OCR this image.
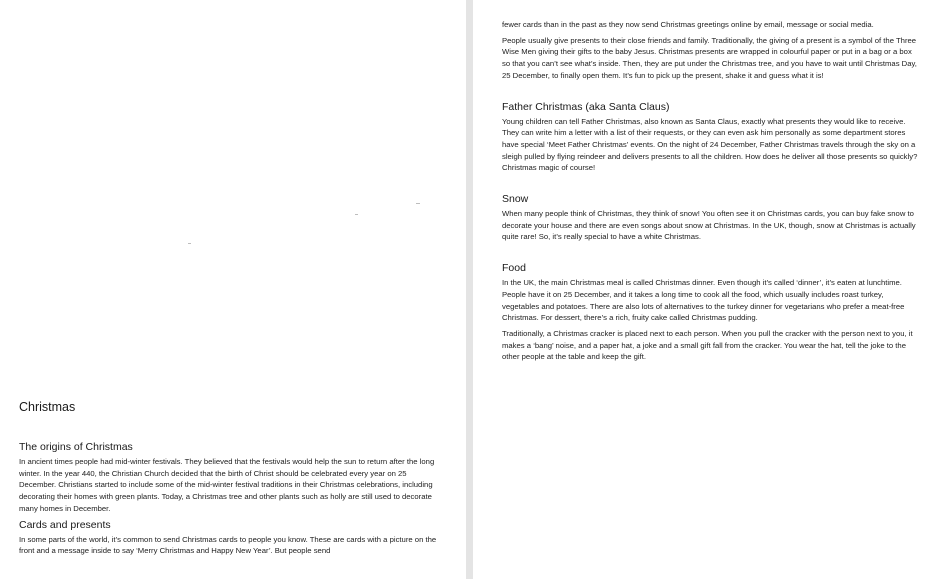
Christmas
The origins of Christmas

In ancient times people had mid-winter festivals. They believed that the festivals would help the sun to return after the long winter. In the year 440, the Christian Church decided that the birth of Christ should be celebrated every year on 25 December. Christians started to include some of the mid-winter festival traditions in their Christmas celebrations, including decorating their homes with green plants. Today, a Christmas tree and other plants such as holly are still used to decorate many homes in December.

Cards and presents

In some parts of the world, it’s common to send Christmas cards to people you know. These are cards with a picture on the front and a message inside to say ‘Merry Christmas and Happy New Year’. But people send

fewer cards than in the past as they now send Christmas greetings online by email, message or social media.

People usually give presents to their close friends and family. Traditionally, the giving of a present is a symbol of the Three Wise Men giving their gifts to the baby Jesus. Christmas presents are wrapped in colourful paper or put in a bag or a box so that you can’t see what’s inside. Then, they are put under the Christmas tree, and you have to wait until Christmas Day, 25 December, to finally open them. It’s fun to pick up the present, shake it and guess what it is!

Father Christmas (aka Santa Claus)

Young children can tell Father Christmas, also known as Santa Claus, exactly what presents they would like to receive. They can write him a letter with a list of their requests, or they can even ask him personally as some department stores have special ‘Meet Father Christmas’ events. On the night of 24 December, Father Christmas travels through the sky on a sleigh pulled by flying reindeer and delivers presents to all the children. How does he deliver all those presents so quickly? Christmas magic of course!

Snow

When many people think of Christmas, they think of snow! You often see it on Christmas cards, you can buy fake snow to decorate your house and there are even songs about snow at Christmas. In the UK, though, snow at Christmas is actually quite rare! So, it’s really special to have a white Christmas.

Food

In the UK, the main Christmas meal is called Christmas dinner. Even though it’s called ‘dinner’, it’s eaten at lunchtime. People have it on 25 December, and it takes a long time to cook all the food, which usually includes roast turkey, vegetables and potatoes. There are also lots of alternatives to the turkey dinner for vegetarians who prefer a meat-free Christmas. For dessert, there’s a rich, fruity cake called Christmas pudding.

Traditionally, a Christmas cracker is placed next to each person. When you pull the cracker with the person next to you, it makes a ‘bang’ noise, and a paper hat, a joke and a small gift fall from the cracker. You wear the hat, tell the joke to the other people at the table and keep the gift.
